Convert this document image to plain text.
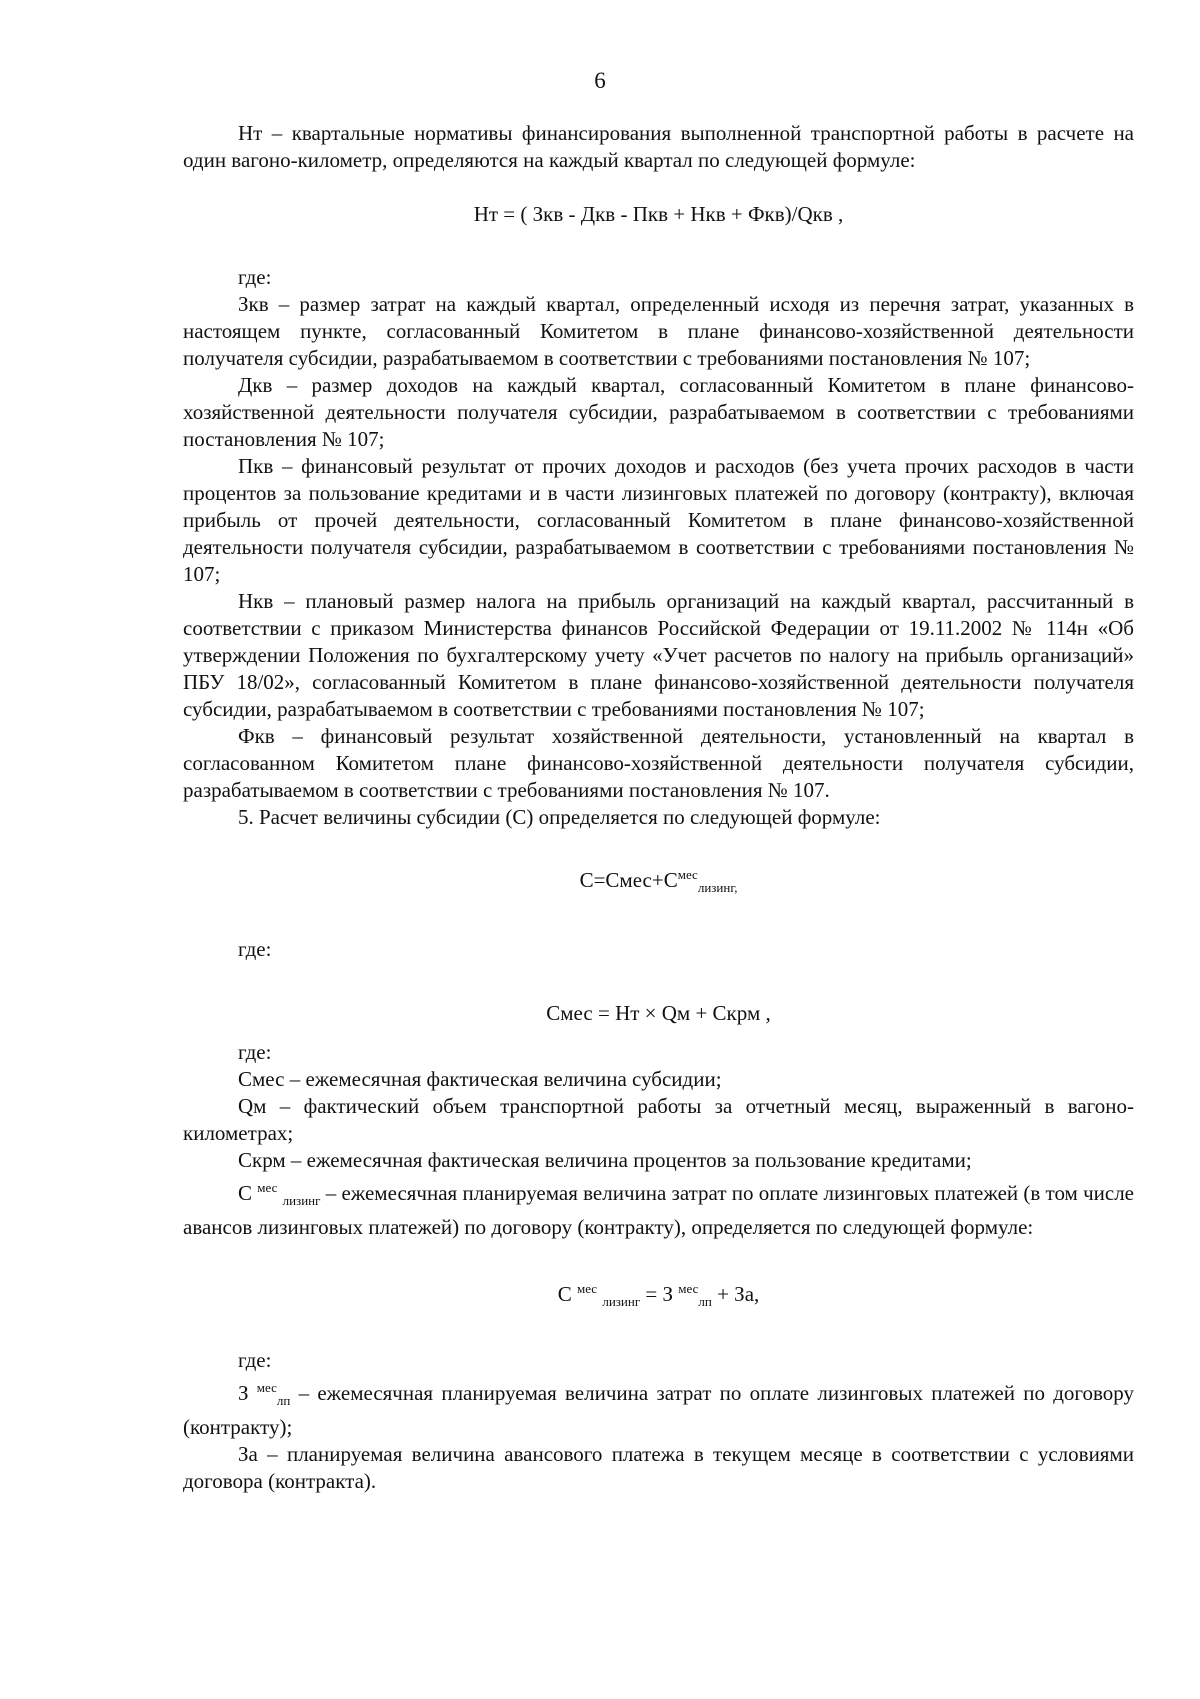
6

Нт – квартальные нормативы финансирования выполненной транспортной работы в расчете на один вагоно-километр, определяются на каждый квартал по следующей формуле:

Нт = ( Зкв - Дкв - Пкв + Нкв + Фкв)/Qкв ,

где:

Зкв – размер затрат на каждый квартал, определенный исходя из перечня затрат, указанных в настоящем пункте, согласованный Комитетом в плане финансово-хозяйственной деятельности получателя субсидии, разрабатываемом в соответствии с требованиями постановления № 107;

Дкв – размер доходов на каждый квартал, согласованный Комитетом в плане финансово-хозяйственной деятельности получателя субсидии, разрабатываемом в соответствии с требованиями постановления № 107;

Пкв – финансовый результат от прочих доходов и расходов (без учета прочих расходов в части процентов за пользование кредитами и в части лизинговых платежей по договору (контракту), включая прибыль от прочей деятельности, согласованный Комитетом в плане финансово-хозяйственной деятельности получателя субсидии, разрабатываемом в соответствии с требованиями постановления № 107;

Нкв – плановый размер налога на прибыль организаций на каждый квартал, рассчитанный в соответствии с приказом Министерства финансов Российской Федерации от 19.11.2002 № 114н «Об утверждении Положения по бухгалтерскому учету «Учет расчетов по налогу на прибыль организаций» ПБУ 18/02», согласованный Комитетом в плане финансово-хозяйственной деятельности получателя субсидии, разрабатываемом в соответствии с требованиями постановления № 107;

Фкв – финансовый результат хозяйственной деятельности, установленный на квартал в согласованном Комитетом плане финансово-хозяйственной деятельности получателя субсидии, разрабатываемом в соответствии с требованиями постановления № 107.

5. Расчет величины субсидии (С) определяется по следующей формуле:

$С=Смес+С^{мес}_{лизинг,}$

где:

Смес = Нт × Qм + Скрм ,

где:

Смес – ежемесячная фактическая величина субсидии;

Qм – фактический объем транспортной работы за отчетный месяц, выраженный в вагоно-километрах;

Скрм – ежемесячная фактическая величина процентов за пользование кредитами;

С $^{мес}$ $_{лизинг}$ – ежемесячная планируемая величина затрат по оплате лизинговых платежей (в том числе авансов лизинговых платежей) по договору (контракту), определяется по следующей формуле:

С $^{мес}$ $_{лизинг}$ = З $^{мес}_{лп}$ + За,

где:

З $^{мес}_{лп}$ – ежемесячная планируемая величина затрат по оплате лизинговых платежей по договору (контракту);

За – планируемая величина авансового платежа в текущем месяце в соответствии с условиями договора (контракта).
